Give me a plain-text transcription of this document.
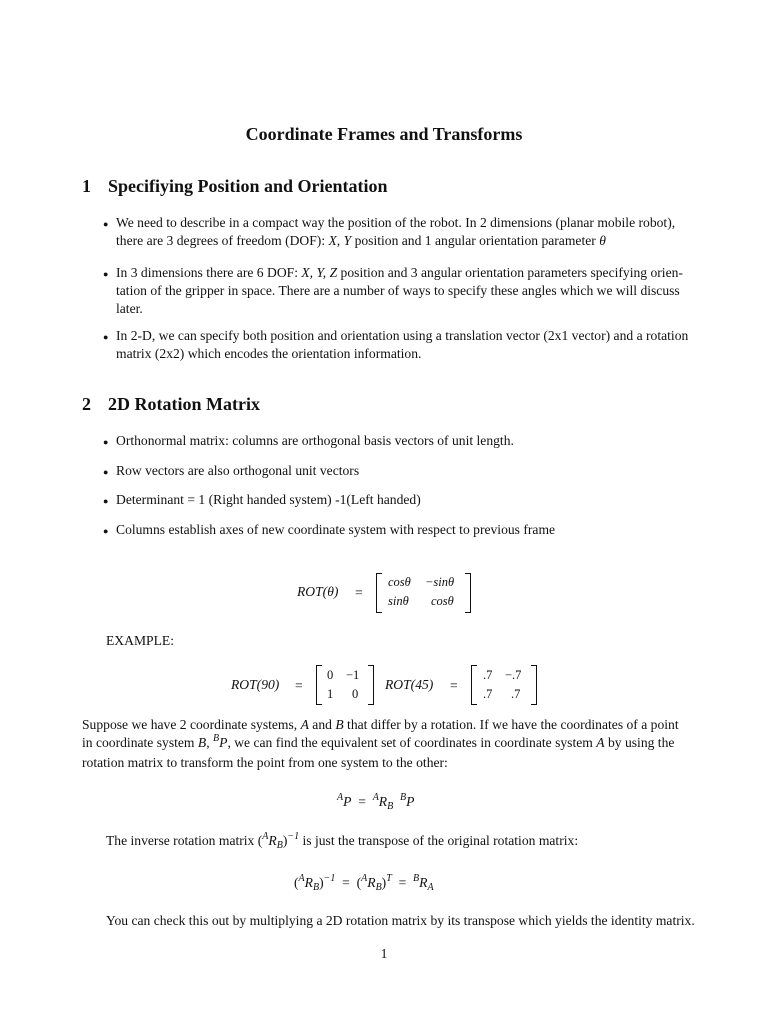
Coordinate Frames and Transforms
1 Specifiying Position and Orientation
● We need to describe in a compact way the position of the robot. In 2 dimensions (planar mobile robot),
there are 3 degrees of freedom (DOF): X, Y position and 1 angular orientation parameter θ
● In 3 dimensions there are 6 DOF: X, Y, Z position and 3 angular orientation parameters specifying orien-
tation of the gripper in space. There are a number of ways to specify these angles which we will discuss
later.
● In 2-D, we can specify both position and orientation using a translation vector (2x1 vector) and a rotation
matrix (2x2) which encodes the orientation information.
2 2D Rotation Matrix
● Orthonormal matrix: columns are orthogonal basis vectors of unit length.
● Row vectors are also orthogonal unit vectors
● Determinant = 1 (Right handed system) -1(Left handed)
● Columns establish axes of new coordinate system with respect to previous frame
ROT(θ) =
cosθ −sinθ
sinθ cosθ
EXAMPLE:
ROT(90) =
0 −1
1 0
ROT(45) =
.7 −.7
.7 .7
Suppose we have 2 coordinate systems, A and B that differ by a rotation. If we have the coordinates of a point
in coordinate system B, $^B$P, we can find the equivalent set of coordinates in coordinate system A by using the
rotation matrix to transform the point from one system to the other:
$^AP = ^AR_B$  $^B$P
The inverse rotation matrix $(^AR_B)^{-1}$ is just the transpose of the original rotation matrix:
$(^AR_B)^{-1} = (^AR_B)^T = ^BR_A$
You can check this out by multiplying a 2D rotation matrix by its transpose which yields the identity matrix.
1
